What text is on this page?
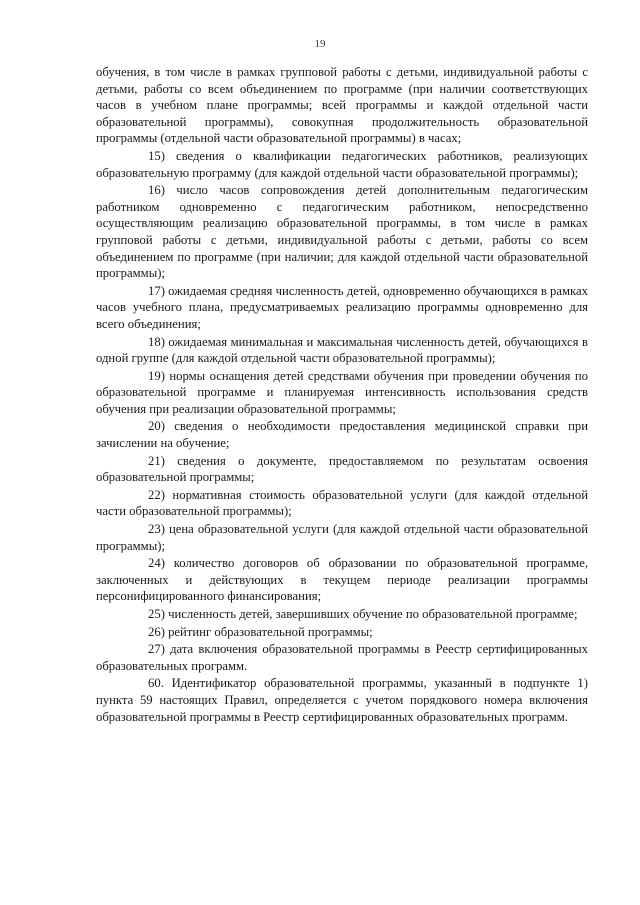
19

обучения, в том числе в рамках групповой работы с детьми, индивидуальной работы с детьми, работы со всем объединением по программе (при наличии соответствующих часов в учебном плане программы; всей программы и каждой отдельной части образовательной программы), совокупная продолжительность образовательной программы (отдельной части образовательной программы) в часах;

15) сведения о квалификации педагогических работников, реализующих образовательную программу (для каждой отдельной части образовательной программы);

16) число часов сопровождения детей дополнительным педагогическим работником одновременно с педагогическим работником, непосредственно осуществляющим реализацию образовательной программы, в том числе в рамках групповой работы с детьми, индивидуальной работы с детьми, работы со всем объединением по программе (при наличии; для каждой отдельной части образовательной программы);

17) ожидаемая средняя численность детей, одновременно обучающихся в рамках часов учебного плана, предусматриваемых реализацию программы одновременно для всего объединения;

18) ожидаемая минимальная и максимальная численность детей, обучающихся в одной группе (для каждой отдельной части образовательной программы);

19) нормы оснащения детей средствами обучения при проведении обучения по образовательной программе и планируемая интенсивность использования средств обучения при реализации образовательной программы;

20) сведения о необходимости предоставления медицинской справки при зачислении на обучение;

21) сведения о документе, предоставляемом по результатам освоения образовательной программы;

22) нормативная стоимость образовательной услуги (для каждой отдельной части образовательной программы);

23) цена образовательной услуги (для каждой отдельной части образовательной программы);

24) количество договоров об образовании по образовательной программе, заключенных и действующих в текущем периоде реализации программы персонифицированного финансирования;

25) численность детей, завершивших обучение по образовательной программе;

26) рейтинг образовательной программы;

27) дата включения образовательной программы в Реестр сертифицированных образовательных программ.

60. Идентификатор образовательной программы, указанный в подпункте 1) пункта 59 настоящих Правил, определяется с учетом порядкового номера включения образовательной программы в Реестр сертифицированных образовательных программ.
